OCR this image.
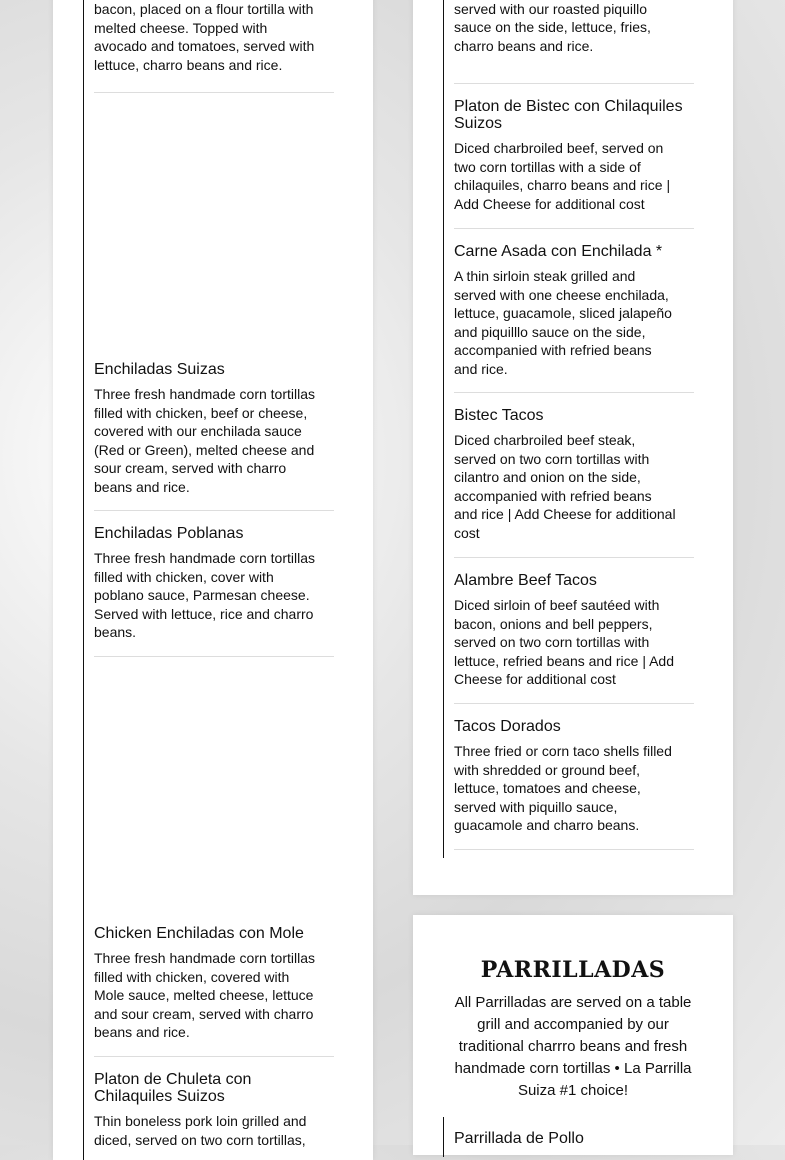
bacon, placed on a flour tortilla with melted cheese. Topped with avocado and tomatoes, served with lettuce, charro beans and rice.
Enchiladas Suizas
Three fresh handmade corn tortillas filled with chicken, beef or cheese, covered with our enchilada sauce (Red or Green), melted cheese and sour cream, served with charro beans and rice.
Enchiladas Poblanas
Three fresh handmade corn tortillas filled with chicken, cover with poblano sauce, Parmesan cheese. Served with lettuce, rice and charro beans.
Chicken Enchiladas con Mole
Three fresh handmade corn tortillas filled with chicken, covered with Mole sauce, melted cheese, lettuce and sour cream, served with charro beans and rice.
Platon de Chuleta con Chilaquiles Suizos
Thin boneless pork loin grilled and diced, served on two corn tortillas,
served with our roasted piquillo sauce on the side, lettuce, fries, charro beans and rice.
Platon de Bistec con Chilaquiles Suizos
Diced charbroiled beef, served on two corn tortillas with a side of chilaquiles, charro beans and rice | Add Cheese for additional cost
Carne Asada con Enchilada *
A thin sirloin steak grilled and served with one cheese enchilada, lettuce, guacamole, sliced jalapeño and piquilllo sauce on the side, accompanied with refried beans and rice.
Bistec Tacos
Diced charbroiled beef steak, served on two corn tortillas with cilantro and onion on the side, accompanied with refried beans and rice | Add Cheese for additional cost
Alambre Beef Tacos
Diced sirloin of beef sautéed with bacon, onions and bell peppers, served on two corn tortillas with lettuce, refried beans and rice | Add Cheese for additional cost
Tacos Dorados
Three fried or corn taco shells filled with shredded or ground beef, lettuce, tomatoes and cheese, served with piquillo sauce, guacamole and charro beans.
PARRILLADAS
All Parrilladas are served on a table grill and accompanied by our traditional charrro beans and fresh handmade corn tortillas • La Parrilla Suiza #1 choice!
Parrillada de Pollo
